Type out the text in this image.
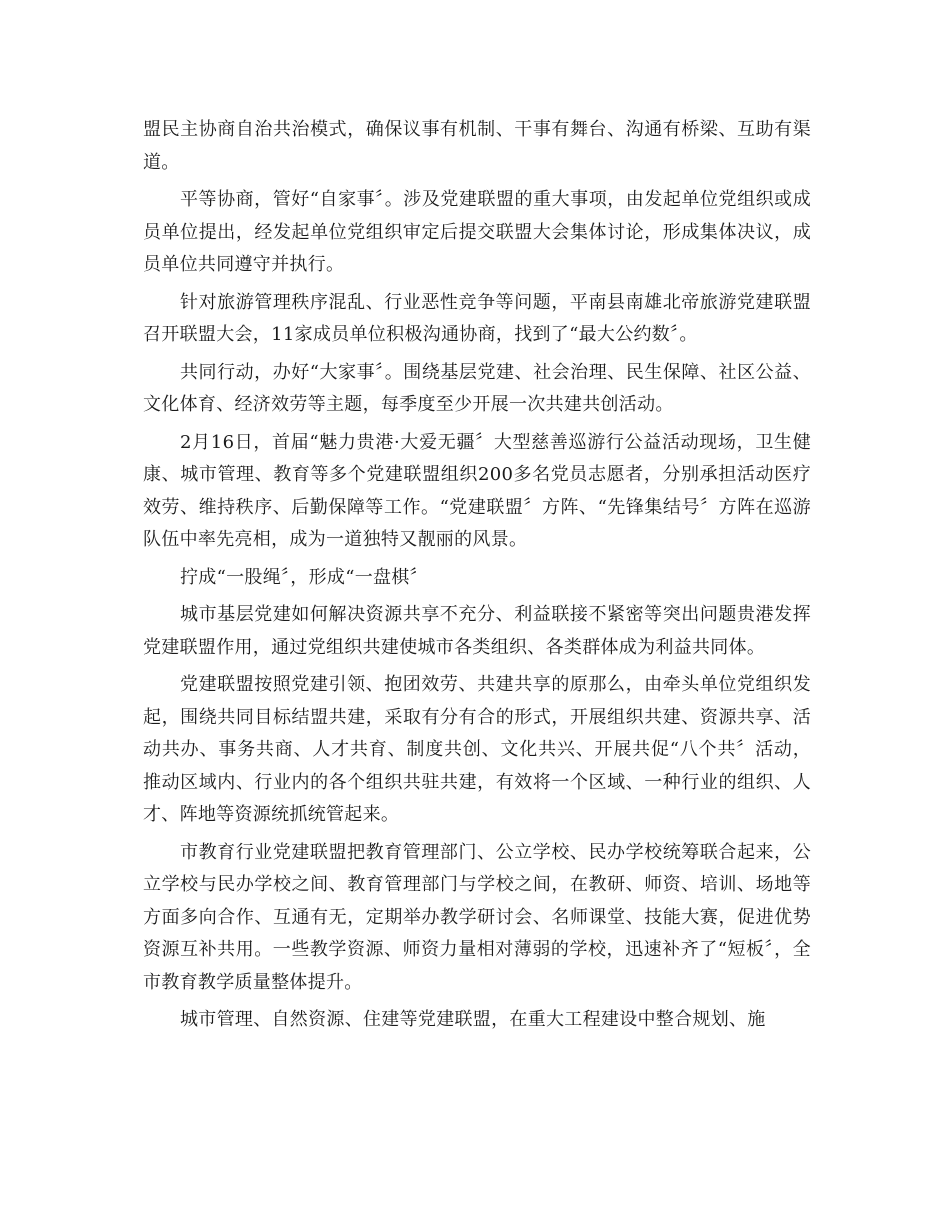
盟民主协商自治共治模式，确保议事有机制、干事有舞台、沟通有桥梁、互助有渠道。

平等协商，管好“自家事〞。涉及党建联盟的重大事项，由发起单位党组织或成员单位提出，经发起单位党组织审定后提交联盟大会集体讨论，形成集体决议，成员单位共同遵守并执行。

针对旅游管理秩序混乱、行业恶性竞争等问题，平南县南雄北帝旅游党建联盟召开联盟大会，11家成员单位积极沟通协商，找到了“最大公约数〞。

共同行动，办好“大家事〞。围绕基层党建、社会治理、民生保障、社区公益、文化体育、经济效劳等主题，每季度至少开展一次共建共创活动。

2月16日，首届“魅力贵港·大爱无疆〞大型慈善巡游行公益活动现场，卫生健康、城市管理、教育等多个党建联盟组织200多名党员志愿者，分别承担活动医疗效劳、维持秩序、后勤保障等工作。“党建联盟〞方阵、“先锋集结号〞方阵在巡游队伍中率先亮相，成为一道独特又靓丽的风景。

拧成“一股绳〞，形成“一盘棋〞

城市基层党建如何解决资源共享不充分、利益联接不紧密等突出问题贵港发挥党建联盟作用，通过党组织共建使城市各类组织、各类群体成为利益共同体。

党建联盟按照党建引领、抱团效劳、共建共享的原那么，由牵头单位党组织发起，围绕共同目标结盟共建，采取有分有合的形式，开展组织共建、资源共享、活动共办、事务共商、人才共育、制度共创、文化共兴、开展共促“八个共〞活动，推动区域内、行业内的各个组织共驻共建，有效将一个区域、一种行业的组织、人才、阵地等资源统抓统管起来。

市教育行业党建联盟把教育管理部门、公立学校、民办学校统筹联合起来，公立学校与民办学校之间、教育管理部门与学校之间，在教研、师资、培训、场地等方面多向合作、互通有无，定期举办教学研讨会、名师课堂、技能大赛，促进优势资源互补共用。一些教学资源、师资力量相对薄弱的学校，迅速补齐了“短板〞，全市教育教学质量整体提升。

城市管理、自然资源、住建等党建联盟，在重大工程建设中整合规划、施
